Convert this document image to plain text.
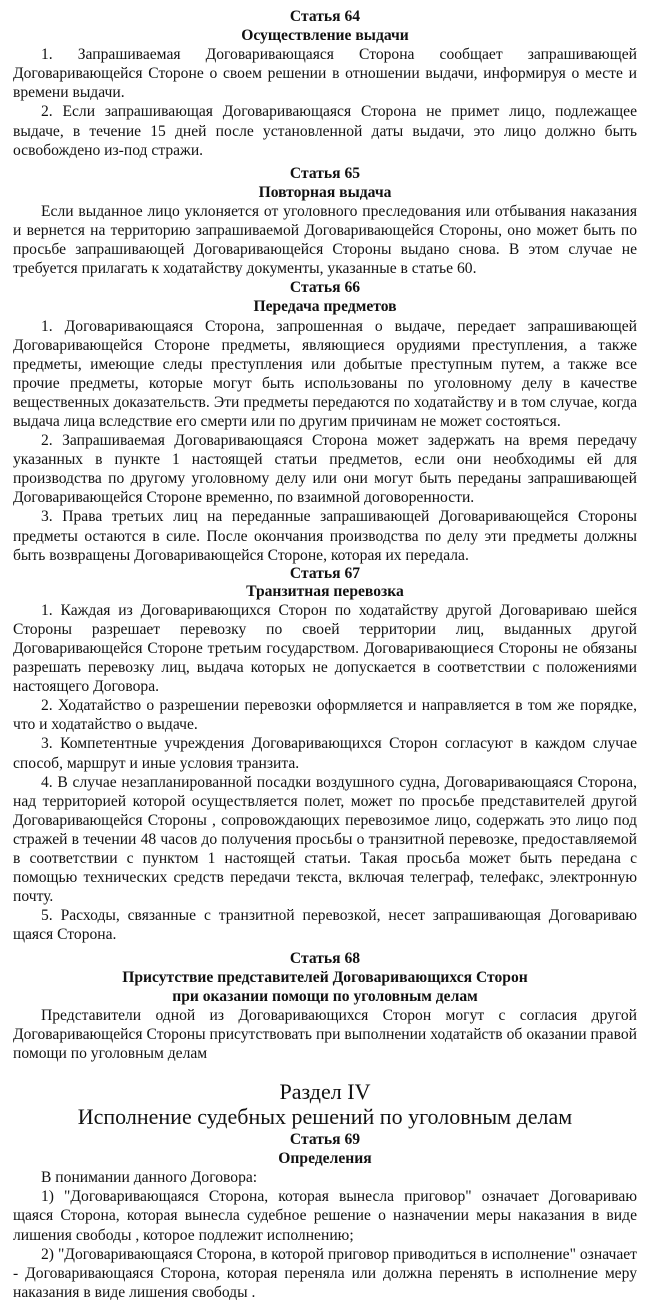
Статья 64
Осуществление выдачи

1. Запрашиваемая Договаривающаяся Сторона сообщает запрашивающей Договаривающейся Стороне о своем решении в отношении выдачи, информируя о месте и времени выдачи.

2. Если запрашивающая Договаривающаяся Сторона не примет лицо, подлежащее выдаче, в течение 15 дней после установленной даты выдачи, это лицо должно быть освобождено из-под стражи.

Статья 65
Повторная выдача

Если выданное лицо уклоняется от уголовного преследования или отбывания наказания и вернется на территорию запрашиваемой Договаривающейся Стороны, оно может быть по просьбе запрашивающей Договаривающейся Стороны выдано снова. В этом случае не требуется прилагать к ходатайству документы, указанные в статье 60.

Статья 66
Передача предметов

1. Договаривающаяся Сторона, запрошенная о выдаче, передает запрашивающей Договаривающейся Стороне предметы, являющиеся орудиями преступления, а также предметы, имеющие следы преступления или добытые преступным путем, а также все прочие предметы, которые могут быть использованы по уголовному делу в качестве вещественных доказательств. Эти предметы передаются по ходатайству и в том случае, когда выдача лица вследствие его смерти или по другим причинам не может состояться.

2. Запрашиваемая Договаривающаяся Сторона может задержать на время передачу указанных в пункте 1 настоящей статьи предметов, если они необходимы ей для производства по другому уголовному делу или они могут быть переданы запрашивающей Договаривающейся Стороне временно, по взаимной договоренности.

3. Права третьих лиц на переданные запрашивающей Договаривающейся Стороны предметы остаются в силе. После окончания производства по делу эти предметы должны быть возвращены Договаривающейся Стороне, которая их передала.

Статья 67
Транзитная перевозка

1. Каждая из Договаривающихся Сторон по ходатайству другой Договариваю шейся Стороны разрешает перевозку по своей территории лиц, выданных другой Договаривающейся Стороне третьим государством. Договаривающиеся Стороны не обязаны разрешать перевозку лиц, выдача которых не допускается в соответствии с положениями настоящего Договора.

2. Ходатайство о разрешении перевозки оформляется и направляется в том же порядке, что и ходатайство о выдаче.

3. Компетентные учреждения Договаривающихся Сторон согласуют в каждом случае способ, маршрут и иные условия транзита.

4. В случае незапланированной посадки воздушного судна, Договаривающаяся Сторона, над территорией которой осуществляется полет, может по просьбе представителей другой Договаривающейся Стороны , сопровождающих перевозимое лицо, содержать это лицо под стражей в течении 48 часов до получения просьбы о транзитной перевозке, предоставляемой в соответствии с пунктом 1 настоящей статьи. Такая просьба может быть передана с помощью технических средств передачи текста, включая телеграф, телефакс, электронную почту.

5. Расходы, связанные с транзитной перевозкой, несет запрашивающая Договариваю щаяся Сторона.

Статья 68
Присутствие представителей Договаривающихся Сторон
при оказании помощи по уголовным делам

Представители одной из Договаривающихся Сторон могут с согласия другой Договаривающейся Стороны присутствовать при выполнении ходатайств об оказании правой помощи по уголовным делам

Раздел IV
Исполнение судебных решений по уголовным делам
Статья 69
Определения

В понимании данного Договора:

1) "Договаривающаяся Сторона, которая вынесла приговор" означает Договариваю щаяся Сторона, которая вынесла судебное решение о назначении меры наказания в виде лишения свободы , которое подлежит исполнению;

2) "Договаривающаяся Сторона, в которой приговор приводиться в исполнение" означает - Договаривающаяся Сторона, которая переняла или должна перенять в исполнение меру наказания в виде лишения свободы .
